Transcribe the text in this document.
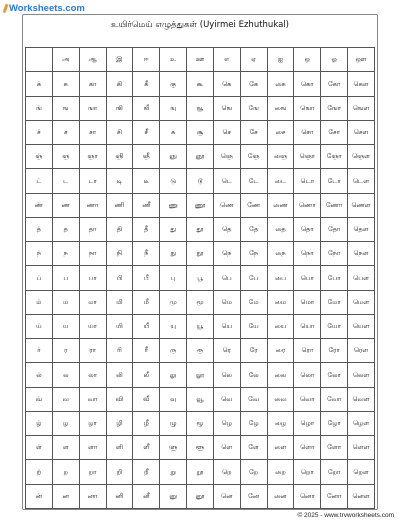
Worksheets.com
உயிர்மெய் எழுத்துகள் (Uyirmei Ezhuthukal)
	அ	ஆ	இ	ஈ	உ	ஊ	எ	ஏ	ஐ	ஒ	ஓ	ஔ
க்	க	கா	கி	கீ	கு	கூ	கெ	கே	கை	கொ	கோ	கௌ
ங்	ங	ஙா	ஙி	ஙீ	ஙு	ஙூ	ஙெ	ஙே	ஙை	ஙொ	ஙோ	ஙௌ
ச்	ச	சா	சி	சீ	சு	சூ	செ	சே	சை	சொ	சோ	சௌ
ஞ்	ஞ	ஞா	ஞி	ஞீ	ஞு	ஞூ	ஞெ	ஞே	ஞை	ஞொ	ஞோ	ஞௌ
ட்	ட	டா	டி	டீ	டு	டூ	டெ	டே	டை	டொ	டோ	டௌ
ண்	ண	ணா	ணி	ணீ	ணு	ணூ	ணெ	ணே	ணை	ணொ	ணோ	ணௌ
த்	த	தா	தி	தீ	து	தூ	தெ	தே	தை	தொ	தோ	தௌ
ந்	ந	நா	நி	நீ	நு	நூ	நெ	நே	நை	நொ	நோ	நௌ
ப்	ப	பா	பி	பீ	பு	பூ	பெ	பே	பை	பொ	போ	பௌ
ம்	ம	மா	மி	மீ	மு	மூ	மெ	மே	மை	மொ	மோ	மௌ
ய்	ய	யா	யி	யீ	யு	யூ	யெ	யே	யை	யொ	யோ	யௌ
ர்	ர	ரா	ரி	ரீ	ரு	ரூ	ரெ	ரே	ரை	ரொ	ரோ	ரௌ
ல்	ல	லா	லி	லீ	லு	லூ	லெ	லே	லை	லொ	லோ	லௌ
வ்	வ	வா	வி	வீ	வு	வூ	வெ	வே	வை	வொ	வோ	வௌ
ழ்	ழ	ழா	ழி	ழீ	ழு	ழூ	ழெ	ழே	ழை	ழொ	ழோ	ழௌ
ள்	ள	ளா	ளி	ளீ	ளு	ளூ	ளெ	ளே	ளை	ளொ	ளோ	ளௌ
ற்	ற	றா	றி	றீ	று	றூ	றெ	றே	றை	றொ	றோ	றௌ
ன்	ன	னா	னி	னீ	னு	னூ	னெ	னே	னை	னொ	னோ	னௌ
© 2025 - www.trvworksheets.com
